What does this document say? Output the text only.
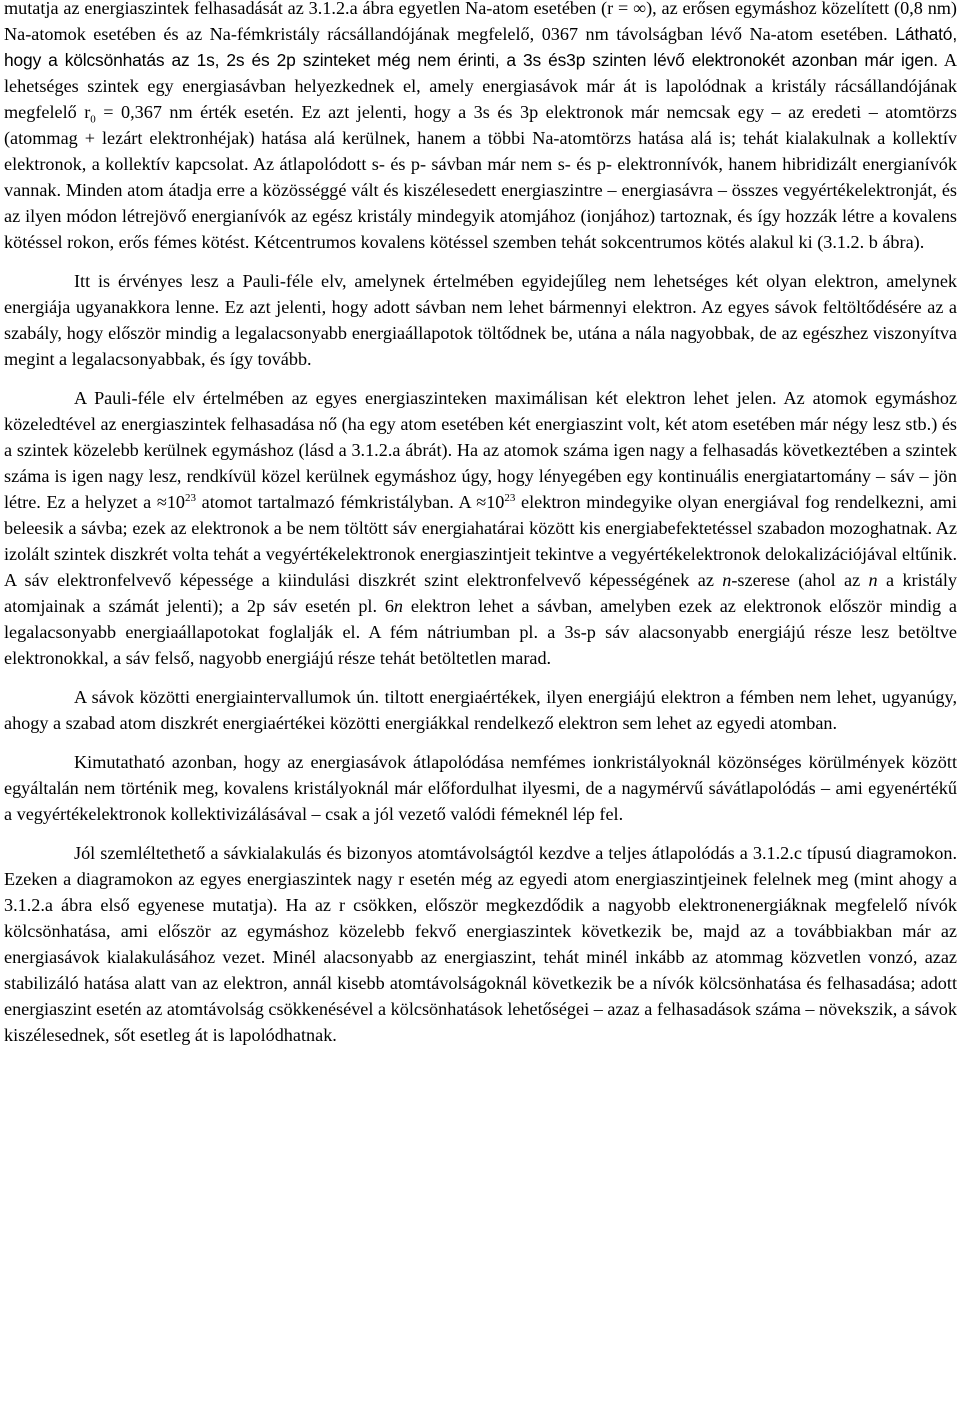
mutatja az energiaszintek felhasadását az 3.1.2.a ábra egyetlen Na-atom esetében (r = ∞), az erősen egymáshoz közelített (0,8 nm) Na-atomok esetében és az Na-fémkristály rácsállandójának megfelelő, 0367 nm távolságban lévő Na-atom esetében. Látható, hogy a kölcsönhatás az 1s, 2s és 2p szinteket még nem érinti, a 3s és3p szinten lévő elektronokét azonban már igen. A lehetséges szintek egy energiasávban helyezkednek el, amely energiasávok már át is lapolódnak a kristály rácsállandójának megfelelő $r_0 = 0,367$ nm érték esetén. Ez azt jelenti, hogy a 3s és 3p elektronok már nemcsak egy – az eredeti – atomtörzs (atommag + lezárt elektronhéjak) hatása alá kerülnek, hanem a többi Na-atomtörzs hatása alá is; tehát kialakulnak a kollektív elektronok, a kollektív kapcsolat. Az átlapolódott s- és p- sávban már nem s- és p- elektronnívók, hanem hibridizált energianívók vannak. Minden atom átadja erre a közösséggé vált és kiszélesedett energiaszintre – energiasávra – összes vegyértékelektronját, és az ilyen módon létrejövő energianívók az egész kristály mindegyik atomjához (ionjához) tartoznak, és így hozzák létre a kovalens kötéssel rokon, erős fémes kötést. Kétcentrumos kovalens kötéssel szemben tehát sokcentrumos kötés alakul ki (3.1.2. b ábra).

Itt is érvényes lesz a Pauli-féle elv, amelynek értelmében egyidejűleg nem lehetséges két olyan elektron, amelynek energiája ugyanakkora lenne. Ez azt jelenti, hogy adott sávban nem lehet bármennyi elektron. Az egyes sávok feltöltődésére az a szabály, hogy először mindig a legalacsonyabb energiaállapotok töltődnek be, utána a nála nagyobbak, de az egészhez viszonyítva megint a legalacsonyabbak, és így tovább.

A Pauli-féle elv értelmében az egyes energiaszinteken maximálisan két elektron lehet jelen. Az atomok egymáshoz közeledtével az energiaszintek felhasadása nő (ha egy atom esetében két energiaszint volt, két atom esetében már négy lesz stb.) és a szintek közelebb kerülnek egymáshoz (lásd a 3.1.2.a ábrát). Ha az atomok száma igen nagy a felhasadás következtében a szintek száma is igen nagy lesz, rendkívül közel kerülnek egymáshoz úgy, hogy lényegében egy kontinuális energiatartomány – sáv – jön létre. Ez a helyzet $a \approx 10^{23}$ atomot tartalmazó fémkristályban. $A \approx 10^{23}$ elektron mindegyike olyan energiával fog rendelkezni, ami beleesik a sávba; ezek az elektronok a be nem töltött sáv energiahatárai között kis energiabefektetéssel szabadon mozoghatnak. Az izolált szintek diszkrét volta tehát a vegyértékelektronok energiaszintjeit tekintve a vegyértékelektronok delokalizációjával eltűnik. A sáv elektronfelvevő képessége a kiindulási diszkrét szint elektronfelvevő képességének az n-szerese (ahol az n a kristály atomjainak a számát jelenti); a 2p sáv esetén pl. 6n elektron lehet a sávban, amelyben ezek az elektronok először mindig a legalacsonyabb energiaállapotokat foglalják el. A fém nátriumban pl. a 3s-p sáv alacsonyabb energiájú része lesz betöltve elektronokkal, a sáv felső, nagyobb energiájú része tehát betöltetlen marad.

A sávok közötti energiaintervallumok ún. tiltott energiaértékek, ilyen energiájú elektron a fémben nem lehet, ugyanúgy, ahogy a szabad atom diszkrét energiaértékei közötti energiákkal rendelkező elektron sem lehet az egyedi atomban.

Kimutatható azonban, hogy az energiasávok átlapolódása nemfémes ionkristályoknál közönséges körülmények között egyáltalán nem történik meg, kovalens kristályoknál már előfordulhat ilyesmi, de a nagymérvű sávátlapolódás – ami egyenértékű a vegyértékelektronok kollektivizálásával – csak a jól vezető valódi fémeknél lép fel.

Jól szemléltethető a sávkialakulás és bizonyos atomtávolságtól kezdve a teljes átlapolódás a 3.1.2.c típusú diagramokon. Ezeken a diagramokon az egyes energiaszintek nagy r esetén még az egyedi atom energiaszintjeinek felelnek meg (mint ahogy a 3.1.2.a ábra első egyenese mutatja). Ha az r csökken, először megkezdődik a nagyobb elektronenergiáknak megfelelő nívók kölcsönhatása, ami először az egymáshoz közelebb fekvő energiaszintek következik be, majd az a továbbiakban már az energiasávok kialakulásához vezet. Minél alacsonyabb az energiaszint, tehát minél inkább az atommag közvetlen vonzó, azaz stabilizáló hatása alatt van az elektron, annál kisebb atomtávolságoknál következik be a nívók kölcsönhatása és felhasadása; adott energiaszint esetén az atomtávolság csökkenésével a kölcsönhatások lehetőségei – azaz a felhasadások száma – növekszik, a sávok kiszélesednek, sőt esetleg át is lapolódhatnak.
